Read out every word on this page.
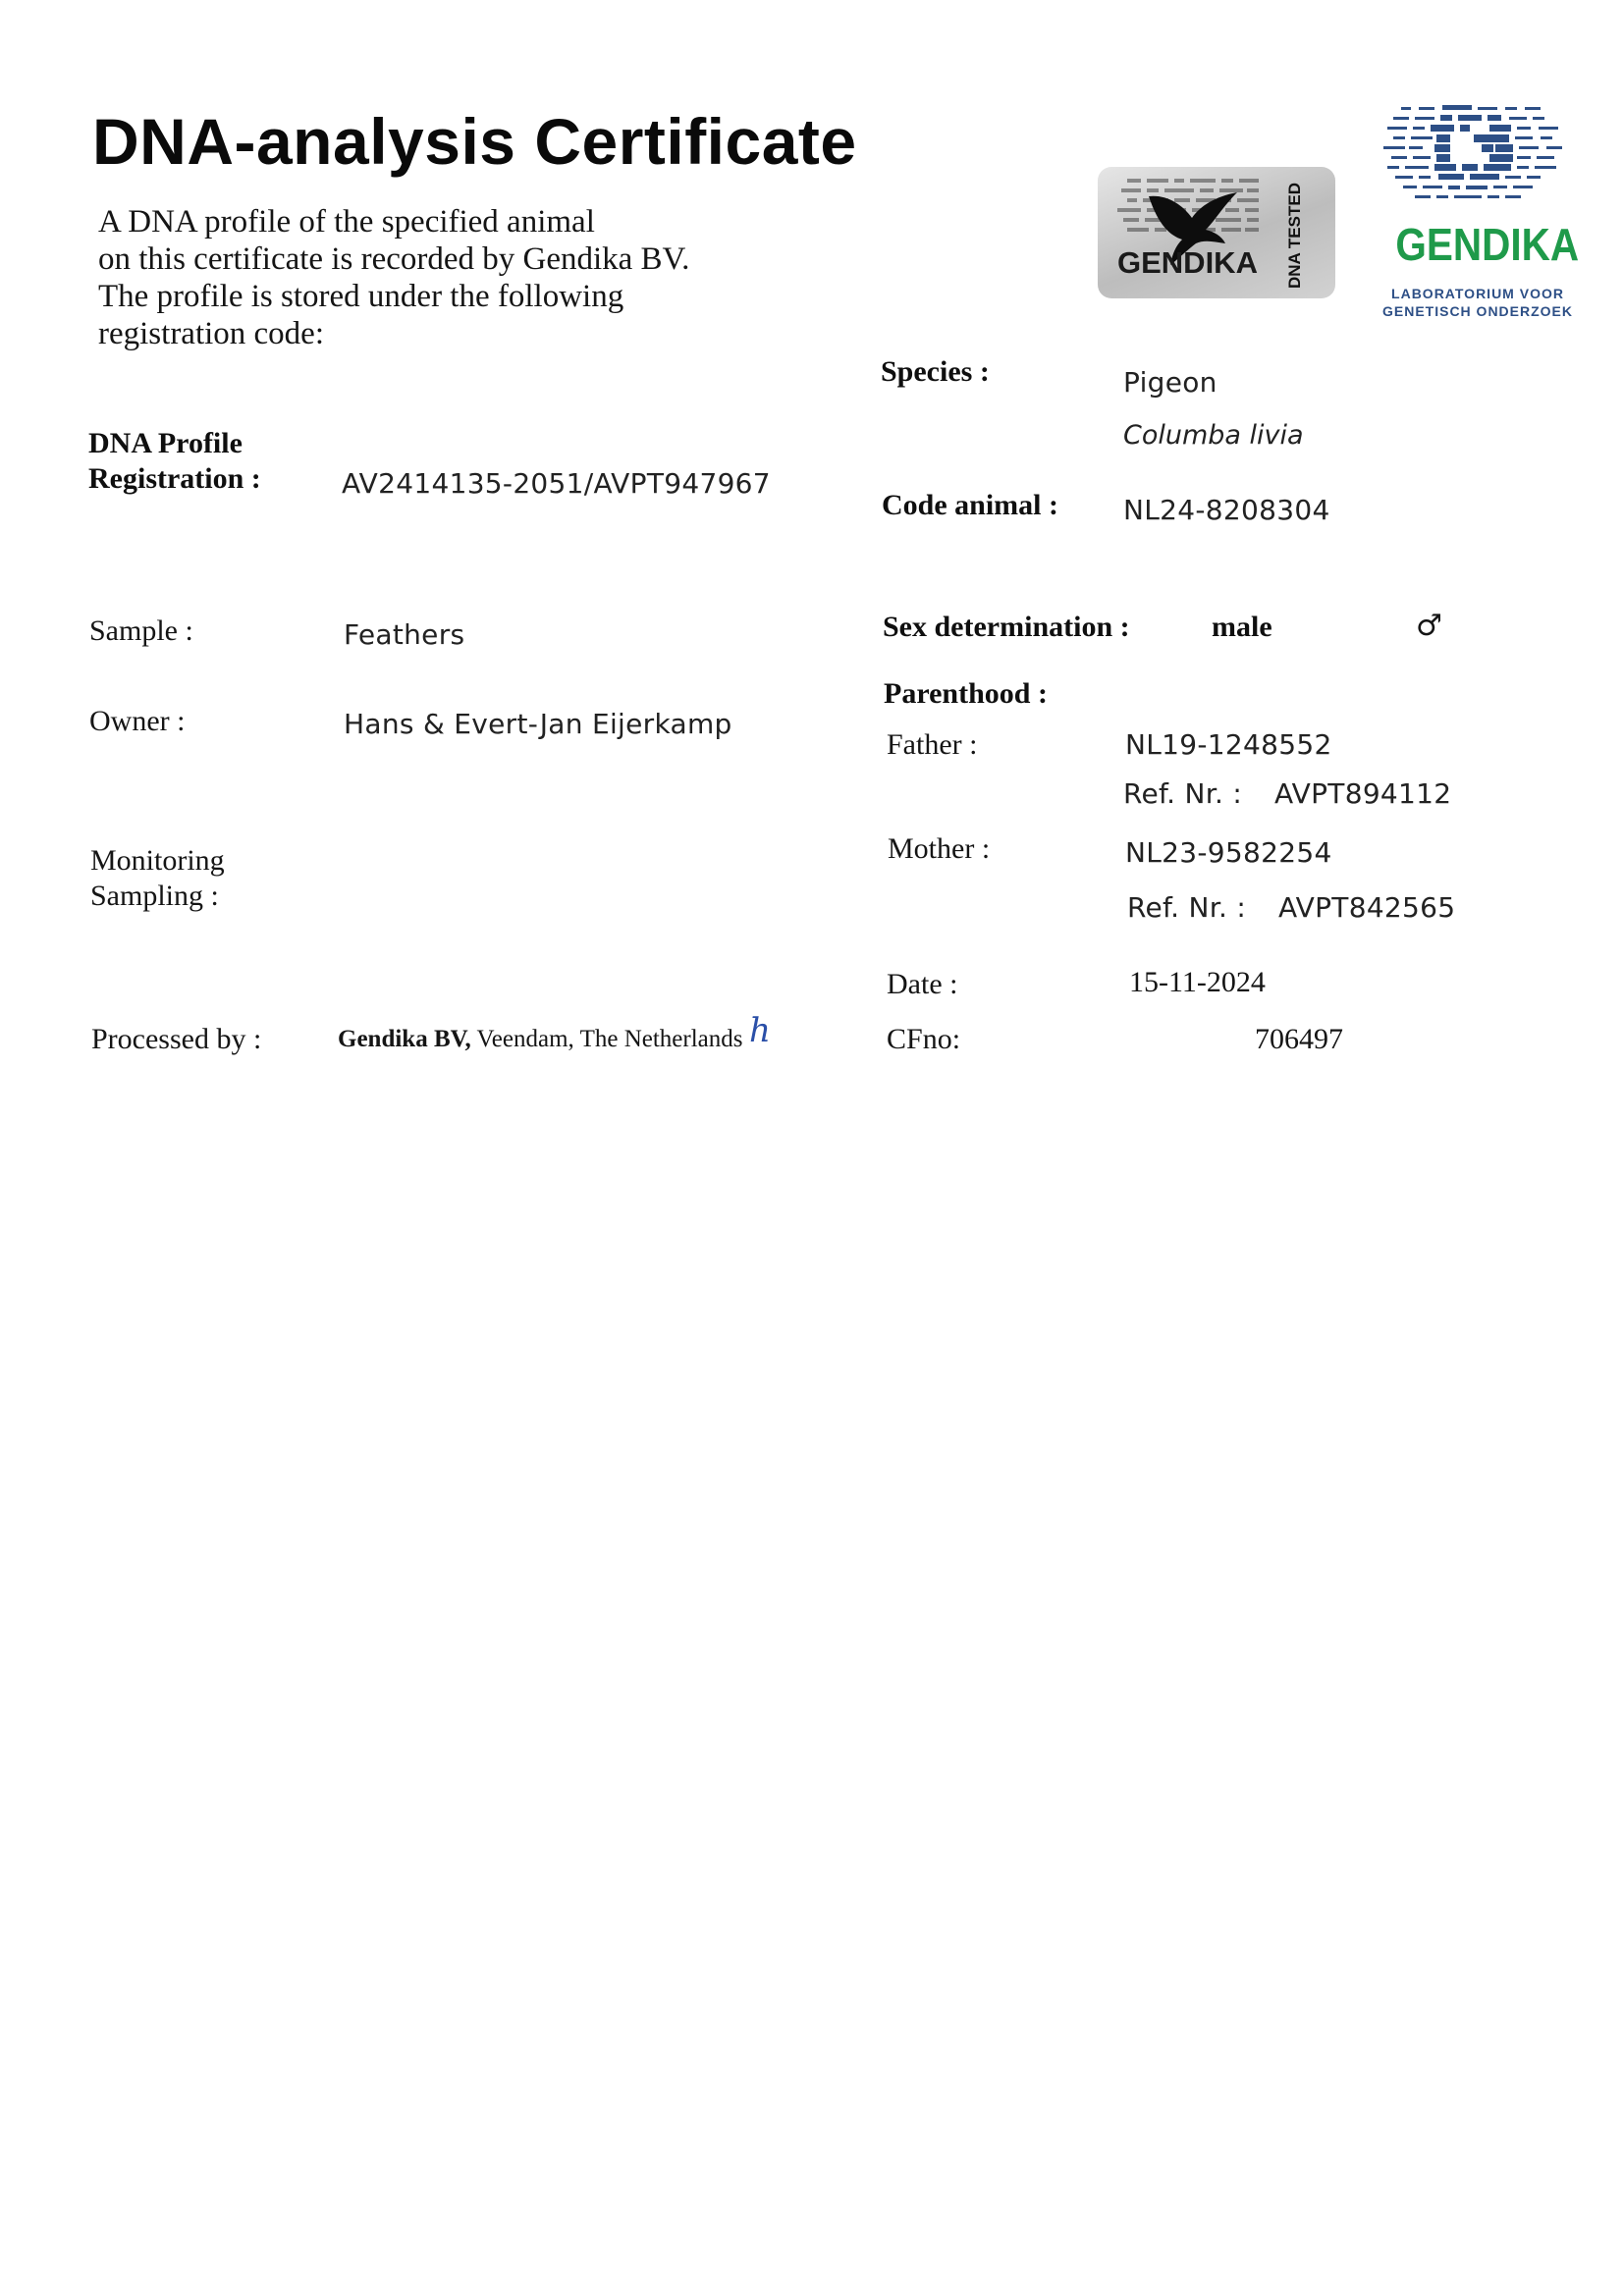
DNA-analysis Certificate
A DNA profile of the specified animal
on this certificate is recorded by Gendika BV.
The profile is stored under the following
registration code:
GENDIKA DNA TESTED GENDIKA
LABORATORIUM VOOR
GENETISCH ONDERZOEK
Species :	Pigeon
Columba livia
Code animal : NL24-8208304
DNA Profile
Registration :	AV2414135-2051/AVPT947967
Sample :	Feathers
Owner :	Hans & Evert-Jan Eijerkamp
Monitoring
Sampling :
Processed by :	Gendika BV, Veendam, The Netherlands ℎ
Sex determination :	male	♂
Parenthood :
Father :	NL19-1248552
Ref. Nr. : AVPT894112
Mother :	NL23-9582254
Ref. Nr. : AVPT842565
Date :	15-11-2024
CFno:	706497
